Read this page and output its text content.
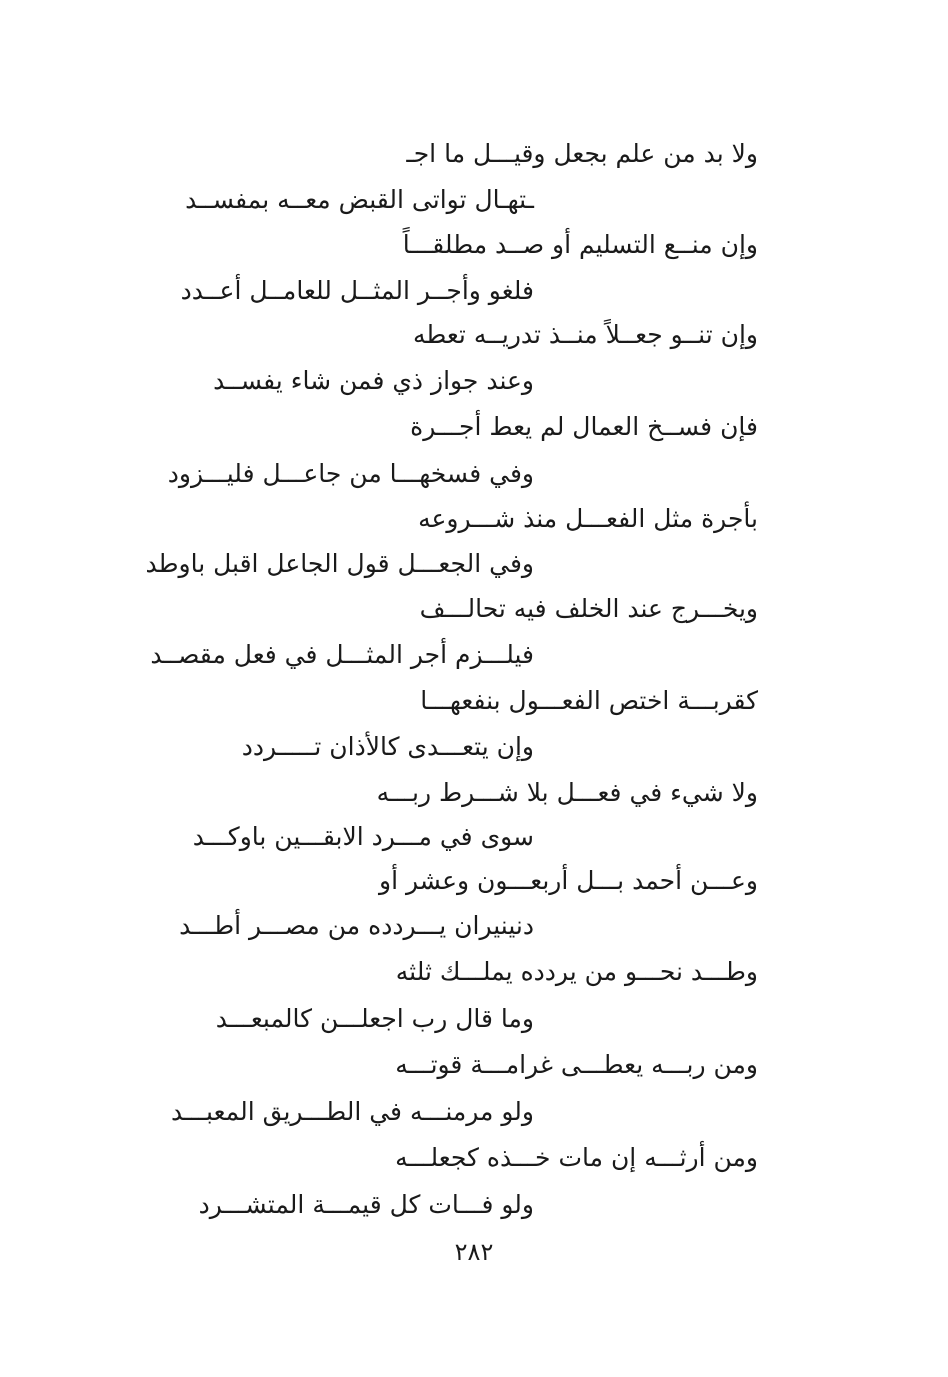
ولا بد من علم بجعل وقيـــل ما اجـ
ـتهـال تواتى القبض معــه بمفســد
وإن منــع التسليم أو صــد مطلقـــاً
فلغو وأجــر المثــل للعامــل أعــدد
وإن تنــو جعــلاً منــذ تدريــه تعطه
وعند جواز ذي فمن شاء يفســد
فإن فســخ العمال لم يعط أجـــرة
وفي فسخهـــا من جاعـــل فليـــزود
بأجرة مثل الفعـــل منذ شـــروعه
وفي الجعـــل قول الجاعل اقبل باوطد
ويخـــرج عند الخلف فيه تحالـــف
فيلـــزم أجر المثـــل في فعل مقصــد
كقربـــة اختص الفعـــول بنفعهـــا
وإن يتعـــدى كالأذان تـــــردد
ولا شيء في فعـــل بلا شـــرط ربـــه
سوى في مـــرد الابقـــين باوكـــد
وعـــن أحمد بـــل أربعـــون وعشر أو
دنينيران يـــردده من مصـــر أطـــد
وطـــد نحـــو من يردده يملـــك ثلثه
وما قال رب اجعلـــن كالمبعـــد
ومن ربـــه يعطـــى غرامـــة قوتـــه
ولو مرمنـــه في الطـــريق المعبـــد
ومن أرثـــه إن مات خـــذه كجعلـــه
ولو فـــات كل قيمـــة المتشـــرد
٢٨٢
